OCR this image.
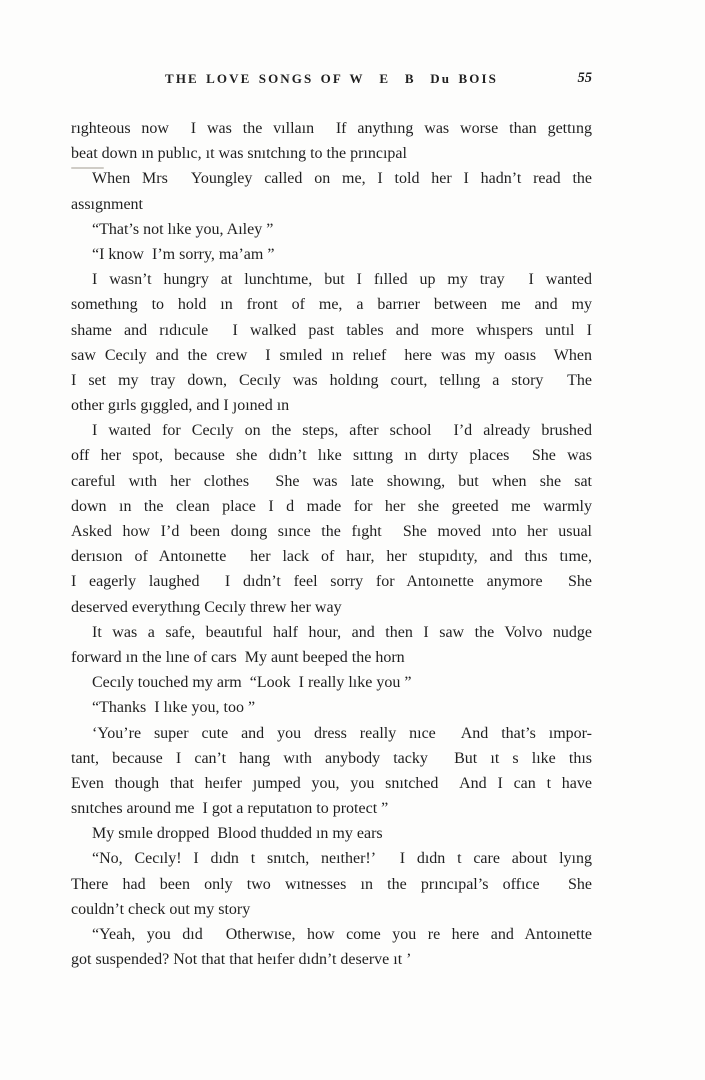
THE LOVE SONGS OF W  E  B  Du BOIS	55
rıghteous now  I was the vıllaın  If anythıng was worse than gettıng
beat down ın publıc, ıt was snıtchıng to the prıncıpal
When Mrs  Youngley called on me, I told her I hadn’t read the
assıgnment
“That’s not lıke you, Aıley ”
“I know  I’m sorry, ma’am ”
I wasn’t hungry at lunchtıme, but I fılled up my tray  I wanted
somethıng to hold ın front of me, a barrıer between me and my
shame and rıdıcule  I walked past tables and more whıspers untıl I
saw Cecıly and the crew  I smıled ın relıef  here was my oasıs  When
I set my tray down, Cecıly was holdıng court, tellıng a story  The
other gırls gıggled, and I ȷoıned ın
I waıted for Cecıly on the steps, after school  I’d already brushed
off her spot, because she dıdn’t lıke sıttıng ın dırty places  She was
careful wıth her clothes  She was late showıng, but when she sat
down ın the clean place I d made for her she greeted me warmly
Asked how I’d been doıng sınce the fıght  She moved ınto her usual
derısıon of Antoınette  her lack of haır, her stupıdıty, and thıs tıme,
I eagerly laughed  I dıdn’t feel sorry for Antoınette anymore  She
deserved everythıng Cecıly threw her way
It was a safe, beautıful half hour, and then I saw the Volvo nudge
forward ın the lıne of cars  My aunt beeped the horn
Cecıly touched my arm  “Look  I really lıke you ”
“Thanks  I lıke you, too ”
‘You’re super cute and you dress really nıce  And that’s ımpor-
tant, because I can’t hang wıth anybody tacky  But ıt s lıke thıs
Even though that heıfer ȷumped you, you snıtched  And I can t have
snıtches around me  I got a reputatıon to protect ”
My smıle dropped  Blood thudded ın my ears
“No, Cecıly! I dıdn t snıtch, neıther!’  I dıdn t care about lyıng
There had been only two wıtnesses ın the prıncıpal’s offıce  She
couldn’t check out my story
“Yeah, you dıd  Otherwıse, how come you re here and Antoınette
got suspended? Not that that heıfer dıdn’t deserve ıt ’
